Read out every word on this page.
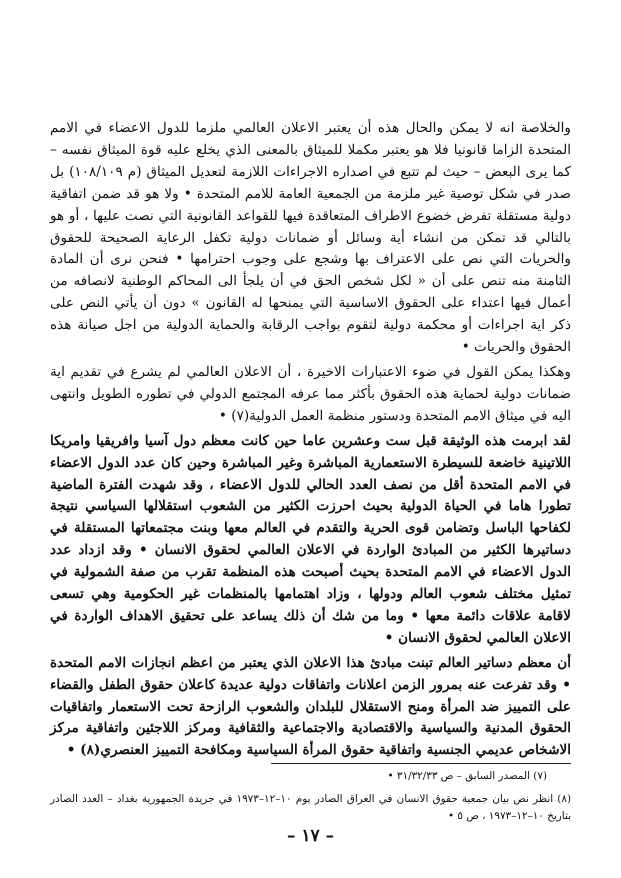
والخلاصة انه لا يمكن والحال هذه أن يعتبر الاعلان العالمي ملزما للدول الاعضاء في الامم المتحدة الزاما قانونيا فلا هو يعتبر مكملا للميثاق بالمعنى الذي يخلع عليه قوة الميثاق نفسه – كما يرى البعض – حيث لم تتبع في اصداره الاجراءات اللازمة لتعديل الميثاق (م ١٠٨/١٠٩) بل صدر في شكل توصية غير ملزمة من الجمعية العامة للامم المتحدة • ولا هو قد ضمن اتفاقية دولية مستقلة تفرض خضوع الاطراف المتعاقدة فيها للقواعد القانونية التي نصت عليها ، أو هو بالتالي قد تمكن من انشاء أية وسائل أو ضمانات دولية تكفل الرعاية الصحيحة للحقوق والحريات التي نص على الاعتراف بها وشجع على وجوب احترامها • فنحن نرى أن المادة الثامنة منه تنص على أن « لكل شخص الحق في أن يلجأ الى المحاكم الوطنية لانصافه من أعمال فيها اعتداء على الحقوق الاساسية التي يمنحها له القانون » دون أن يأتي النص على ذكر اية اجراءات أو محكمة دولية لتقوم بواجب الرقابة والحماية الدولية من اجل صيانة هذه الحقوق والحريات •

وهكذا يمكن القول في ضوء الاعتبارات الاخيرة ، أن الاعلان العالمي لم يشرع في تقديم اية ضمانات دولية لحماية هذه الحقوق بأكثر مما عرفه المجتمع الدولي في تطوره الطويل وانتهى اليه في ميثاق الامم المتحدة ودستور منظمة العمل الدولية(٧) •

لقد ابرمت هذه الوثيقة قبل ست وعشرين عاما حين كانت معظم دول آسيا وافريقيا وامريكا اللاتينية خاضعة للسيطرة الاستعمارية المباشرة وغير المباشرة وحين كان عدد الدول الاعضاء في الامم المتحدة أقل من نصف العدد الحالي للدول الاعضاء ، وقد شهدت الفترة الماضية تطورا هاما في الحياة الدولية بحيث احرزت الكثير من الشعوب استقلالها السياسي نتيجة لكفاحها الباسل وتضامن قوى الحرية والتقدم في العالم معها وبنت مجتمعاتها المستقلة في دساتيرها الكثير من المبادئ الواردة في الاعلان العالمي لحقوق الانسان • وقد ازداد عدد الدول الاعضاء في الامم المتحدة بحيث أصبحت هذه المنظمة تقرب من صفة الشمولية في تمثيل مختلف شعوب العالم ودولها ، وزاد اهتمامها بالمنظمات غير الحكومية وهي تسعى لاقامة علاقات دائمة معها • وما من شك أن ذلك يساعد على تحقيق الاهداف الواردة في الاعلان العالمي لحقوق الانسان •

أن معظم دساتير العالم تبنت مبادئ هذا الاعلان الذي يعتبر من اعظم انجازات الامم المتحدة • وقد تفرعت عنه بمرور الزمن اعلانات واتفاقات دولية عديدة كاعلان حقوق الطفل والقضاء على التمييز ضد المرأة ومنح الاستقلال للبلدان والشعوب الرازحة تحت الاستعمار واتفاقيات الحقوق المدنية والسياسية والاقتصادية والاجتماعية والثقافية ومركز اللاجئين واتفاقية مركز الاشخاص عديمي الجنسية واتفاقية حقوق المرأة السياسية ومكافحة التمييز العنصري(٨) •

(٧) المصدر السابق – ص ٣١/٣٢/٣٣ •

(٨) انظر نص بيان جمعية حقوق الانسان في العراق الصادر يوم ١٠–١٢–١٩٧٣ في جريدة الجمهورية بغداد – العدد الصادر بتاريخ ١٠–١٢–١٩٧٣ ، ص ٥ •

– ١٧ –
